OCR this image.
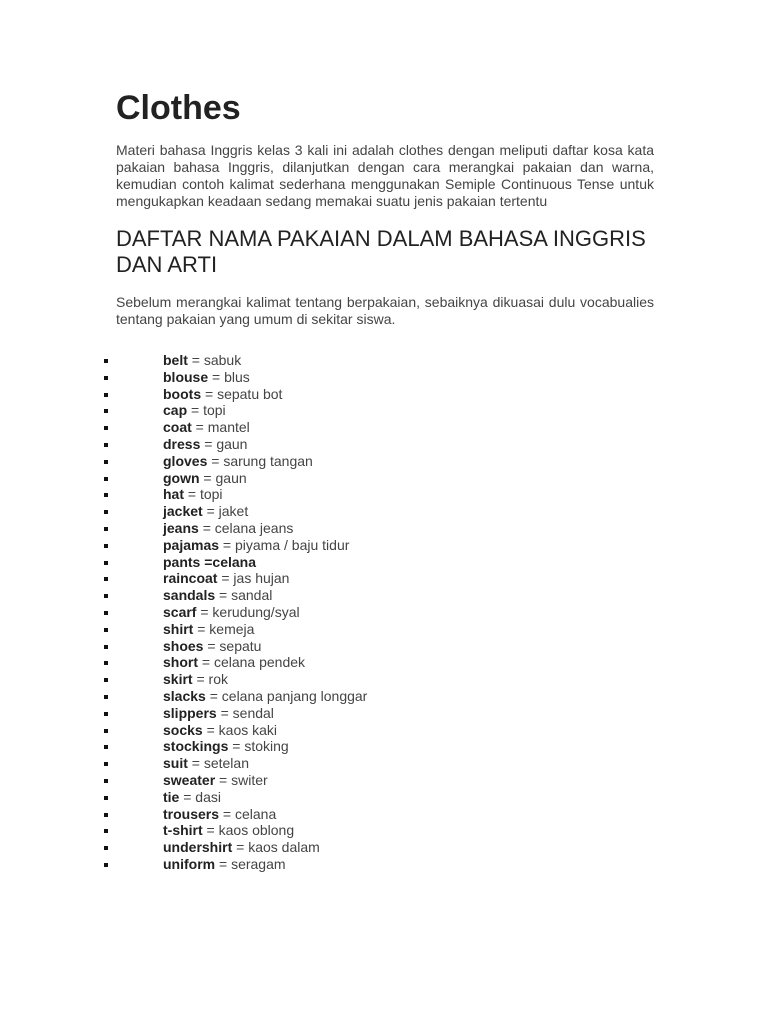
Clothes

Materi bahasa Inggris kelas 3 kali ini adalah clothes dengan meliputi daftar kosa kata pakaian bahasa Inggris, dilanjutkan dengan cara merangkai pakaian dan warna, kemudian contoh kalimat sederhana menggunakan Semiple Continuous Tense untuk mengukapkan keadaan sedang memakai suatu jenis pakaian tertentu

DAFTAR NAMA PAKAIAN DALAM BAHASA INGGRIS DAN ARTI

Sebelum merangkai kalimat tentang berpakaian, sebaiknya dikuasai dulu vocabualies tentang pakaian yang umum di sekitar siswa.

belt = sabuk
blouse = blus
boots = sepatu bot
cap = topi
coat = mantel
dress = gaun
gloves = sarung tangan
gown = gaun
hat = topi
jacket = jaket
jeans = celana jeans
pajamas = piyama / baju tidur
pants =celana
raincoat = jas hujan
sandals = sandal
scarf = kerudung/syal
shirt = kemeja
shoes = sepatu
short = celana pendek
skirt = rok
slacks = celana panjang longgar
slippers = sendal
socks = kaos kaki
stockings = stoking
suit = setelan
sweater = switer
tie = dasi
trousers = celana
t-shirt = kaos oblong
undershirt = kaos dalam
uniform = seragam
